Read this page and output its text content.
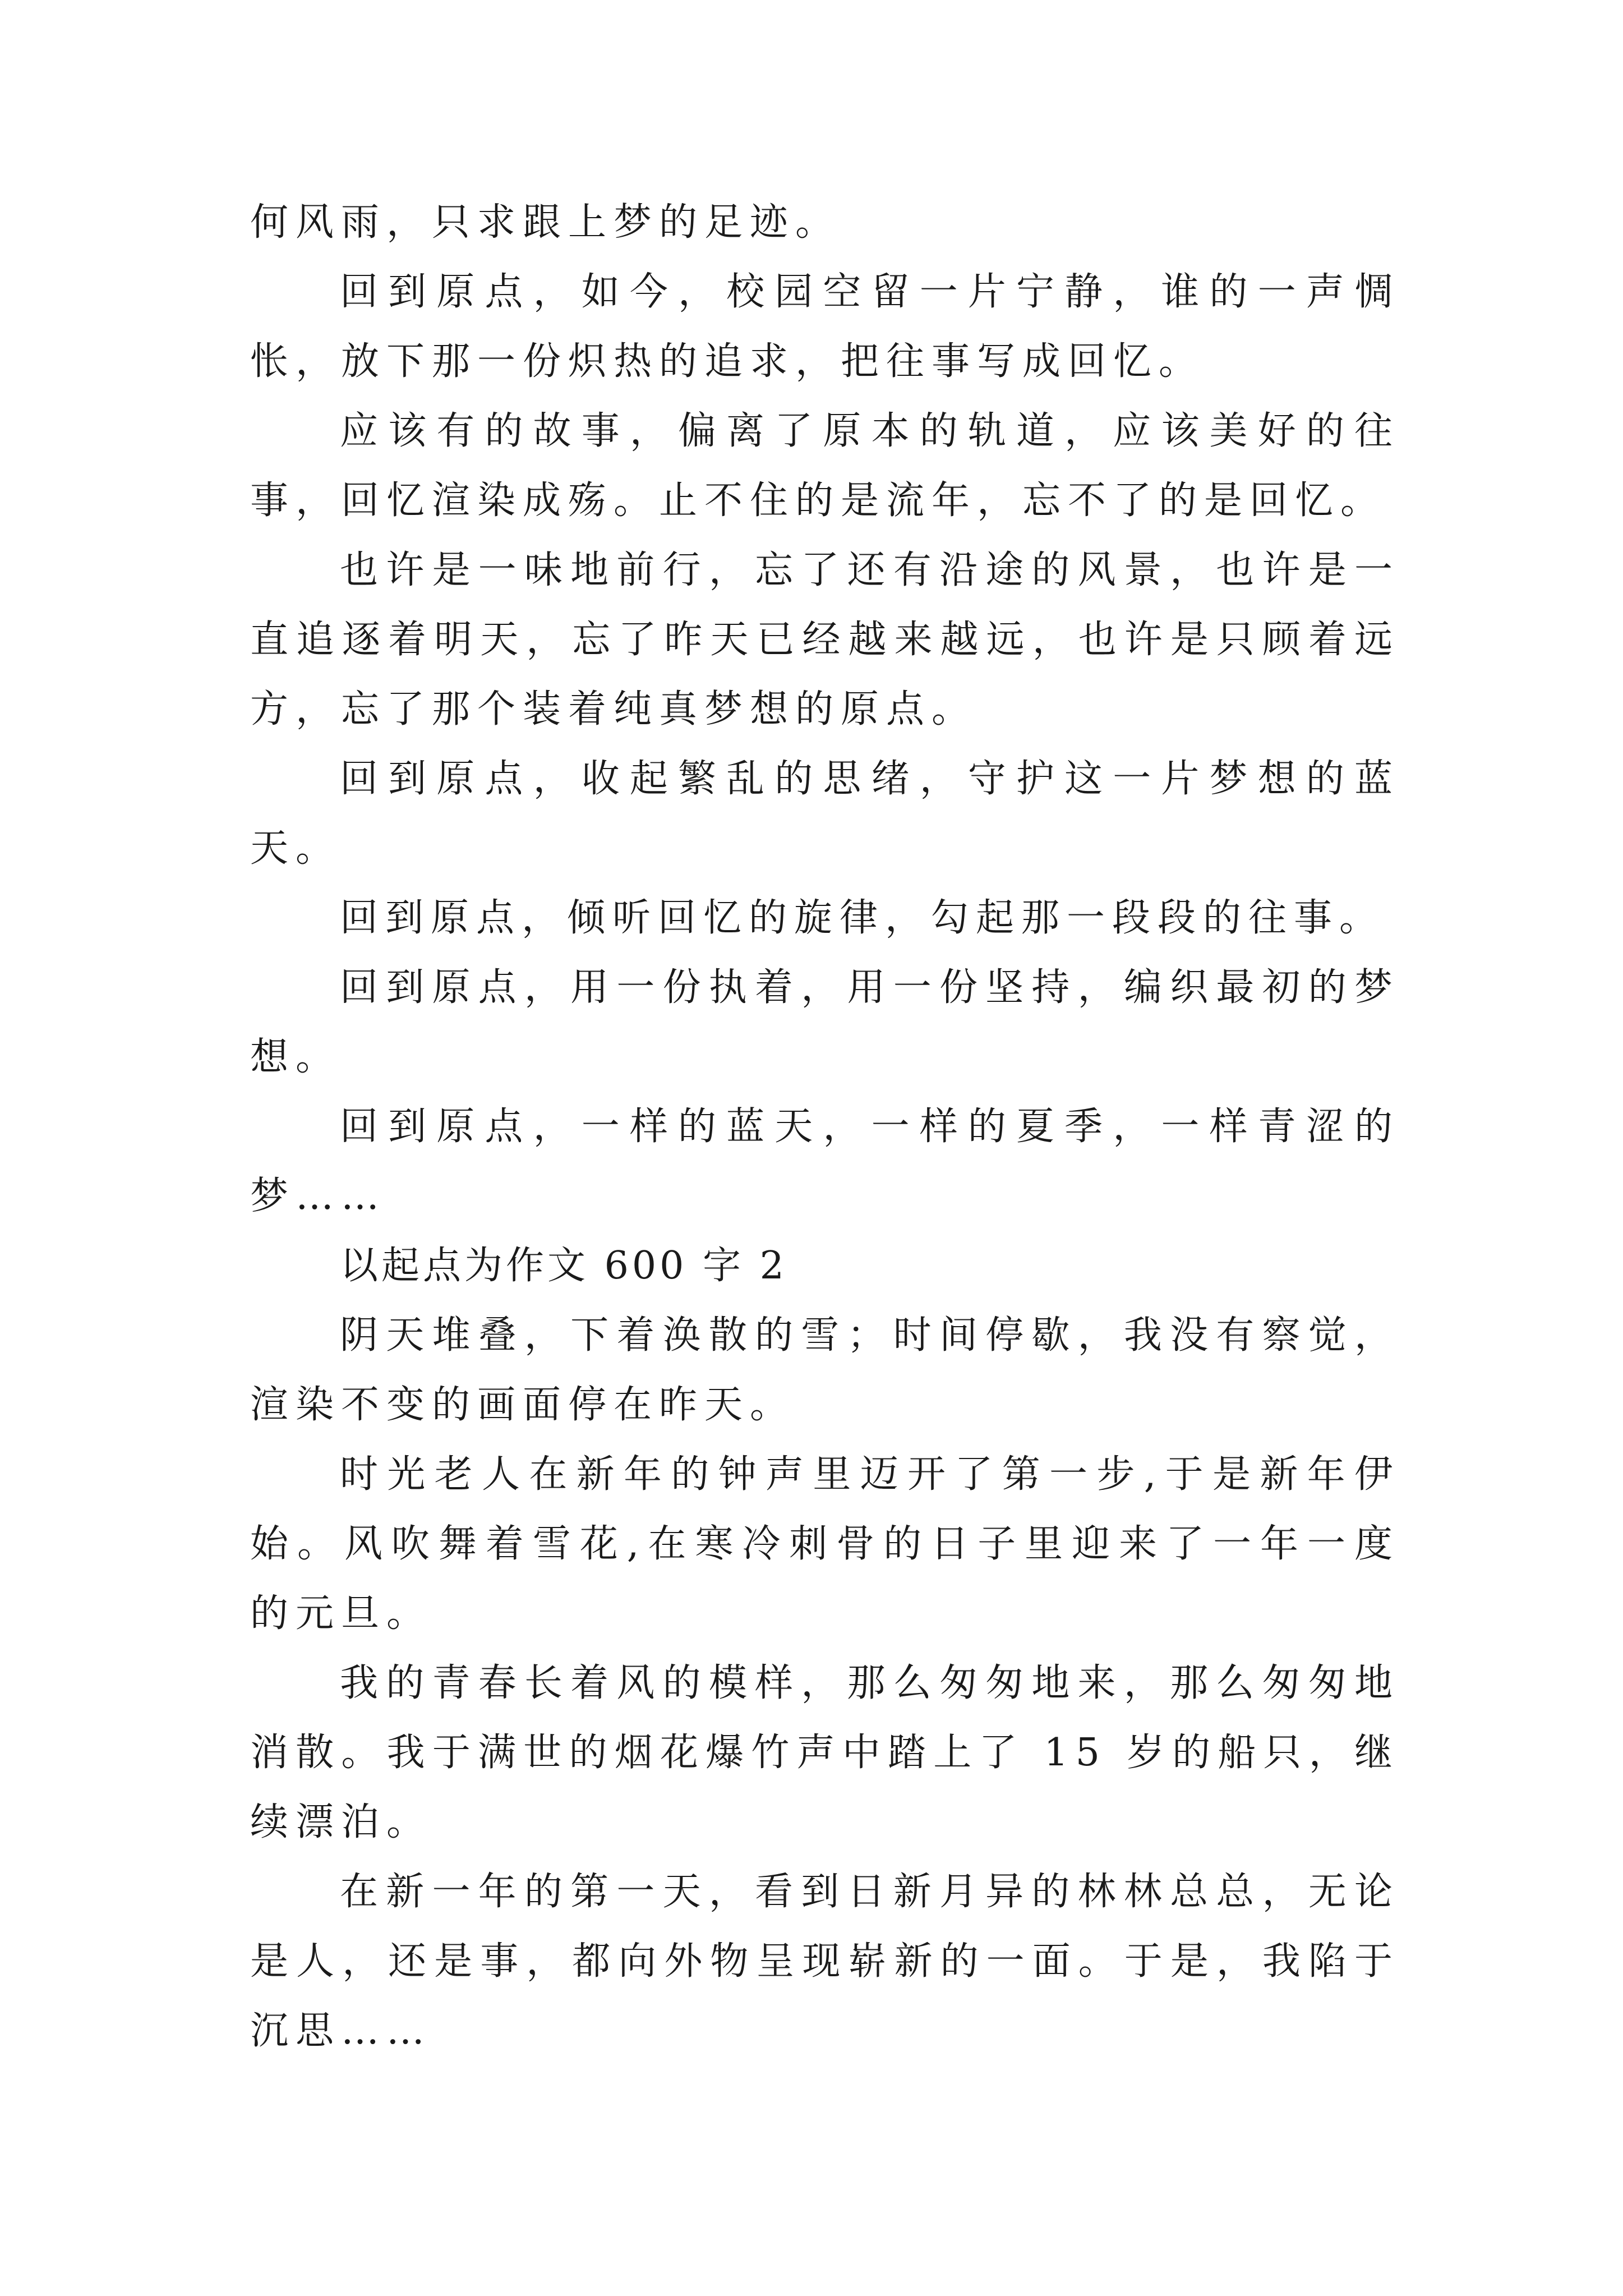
何风雨，只求跟上梦的足迹。

回到原点，如今，校园空留一片宁静，谁的一声惆怅，放下那一份炽热的追求，把往事写成回忆。

应该有的故事，偏离了原本的轨道，应该美好的往事，回忆渲染成殇。止不住的是流年，忘不了的是回忆。

也许是一味地前行，忘了还有沿途的风景，也许是一直追逐着明天，忘了昨天已经越来越远，也许是只顾着远方，忘了那个装着纯真梦想的原点。

回到原点，收起繁乱的思绪，守护这一片梦想的蓝天。

回到原点，倾听回忆的旋律，勾起那一段段的往事。

回到原点，用一份执着，用一份坚持，编织最初的梦想。

回到原点，一样的蓝天，一样的夏季，一样青涩的梦……

以起点为作文 600 字 2

阴天堆叠，下着涣散的雪；时间停歇，我没有察觉，渲染不变的画面停在昨天。

时光老人在新年的钟声里迈开了第一步,于是新年伊始。风吹舞着雪花,在寒冷刺骨的日子里迎来了一年一度的元旦。

我的青春长着风的模样，那么匆匆地来，那么匆匆地消散。我于满世的烟花爆竹声中踏上了 15 岁的船只，继续漂泊。

在新一年的第一天，看到日新月异的林林总总，无论是人，还是事，都向外物呈现崭新的一面。于是，我陷于沉思……
